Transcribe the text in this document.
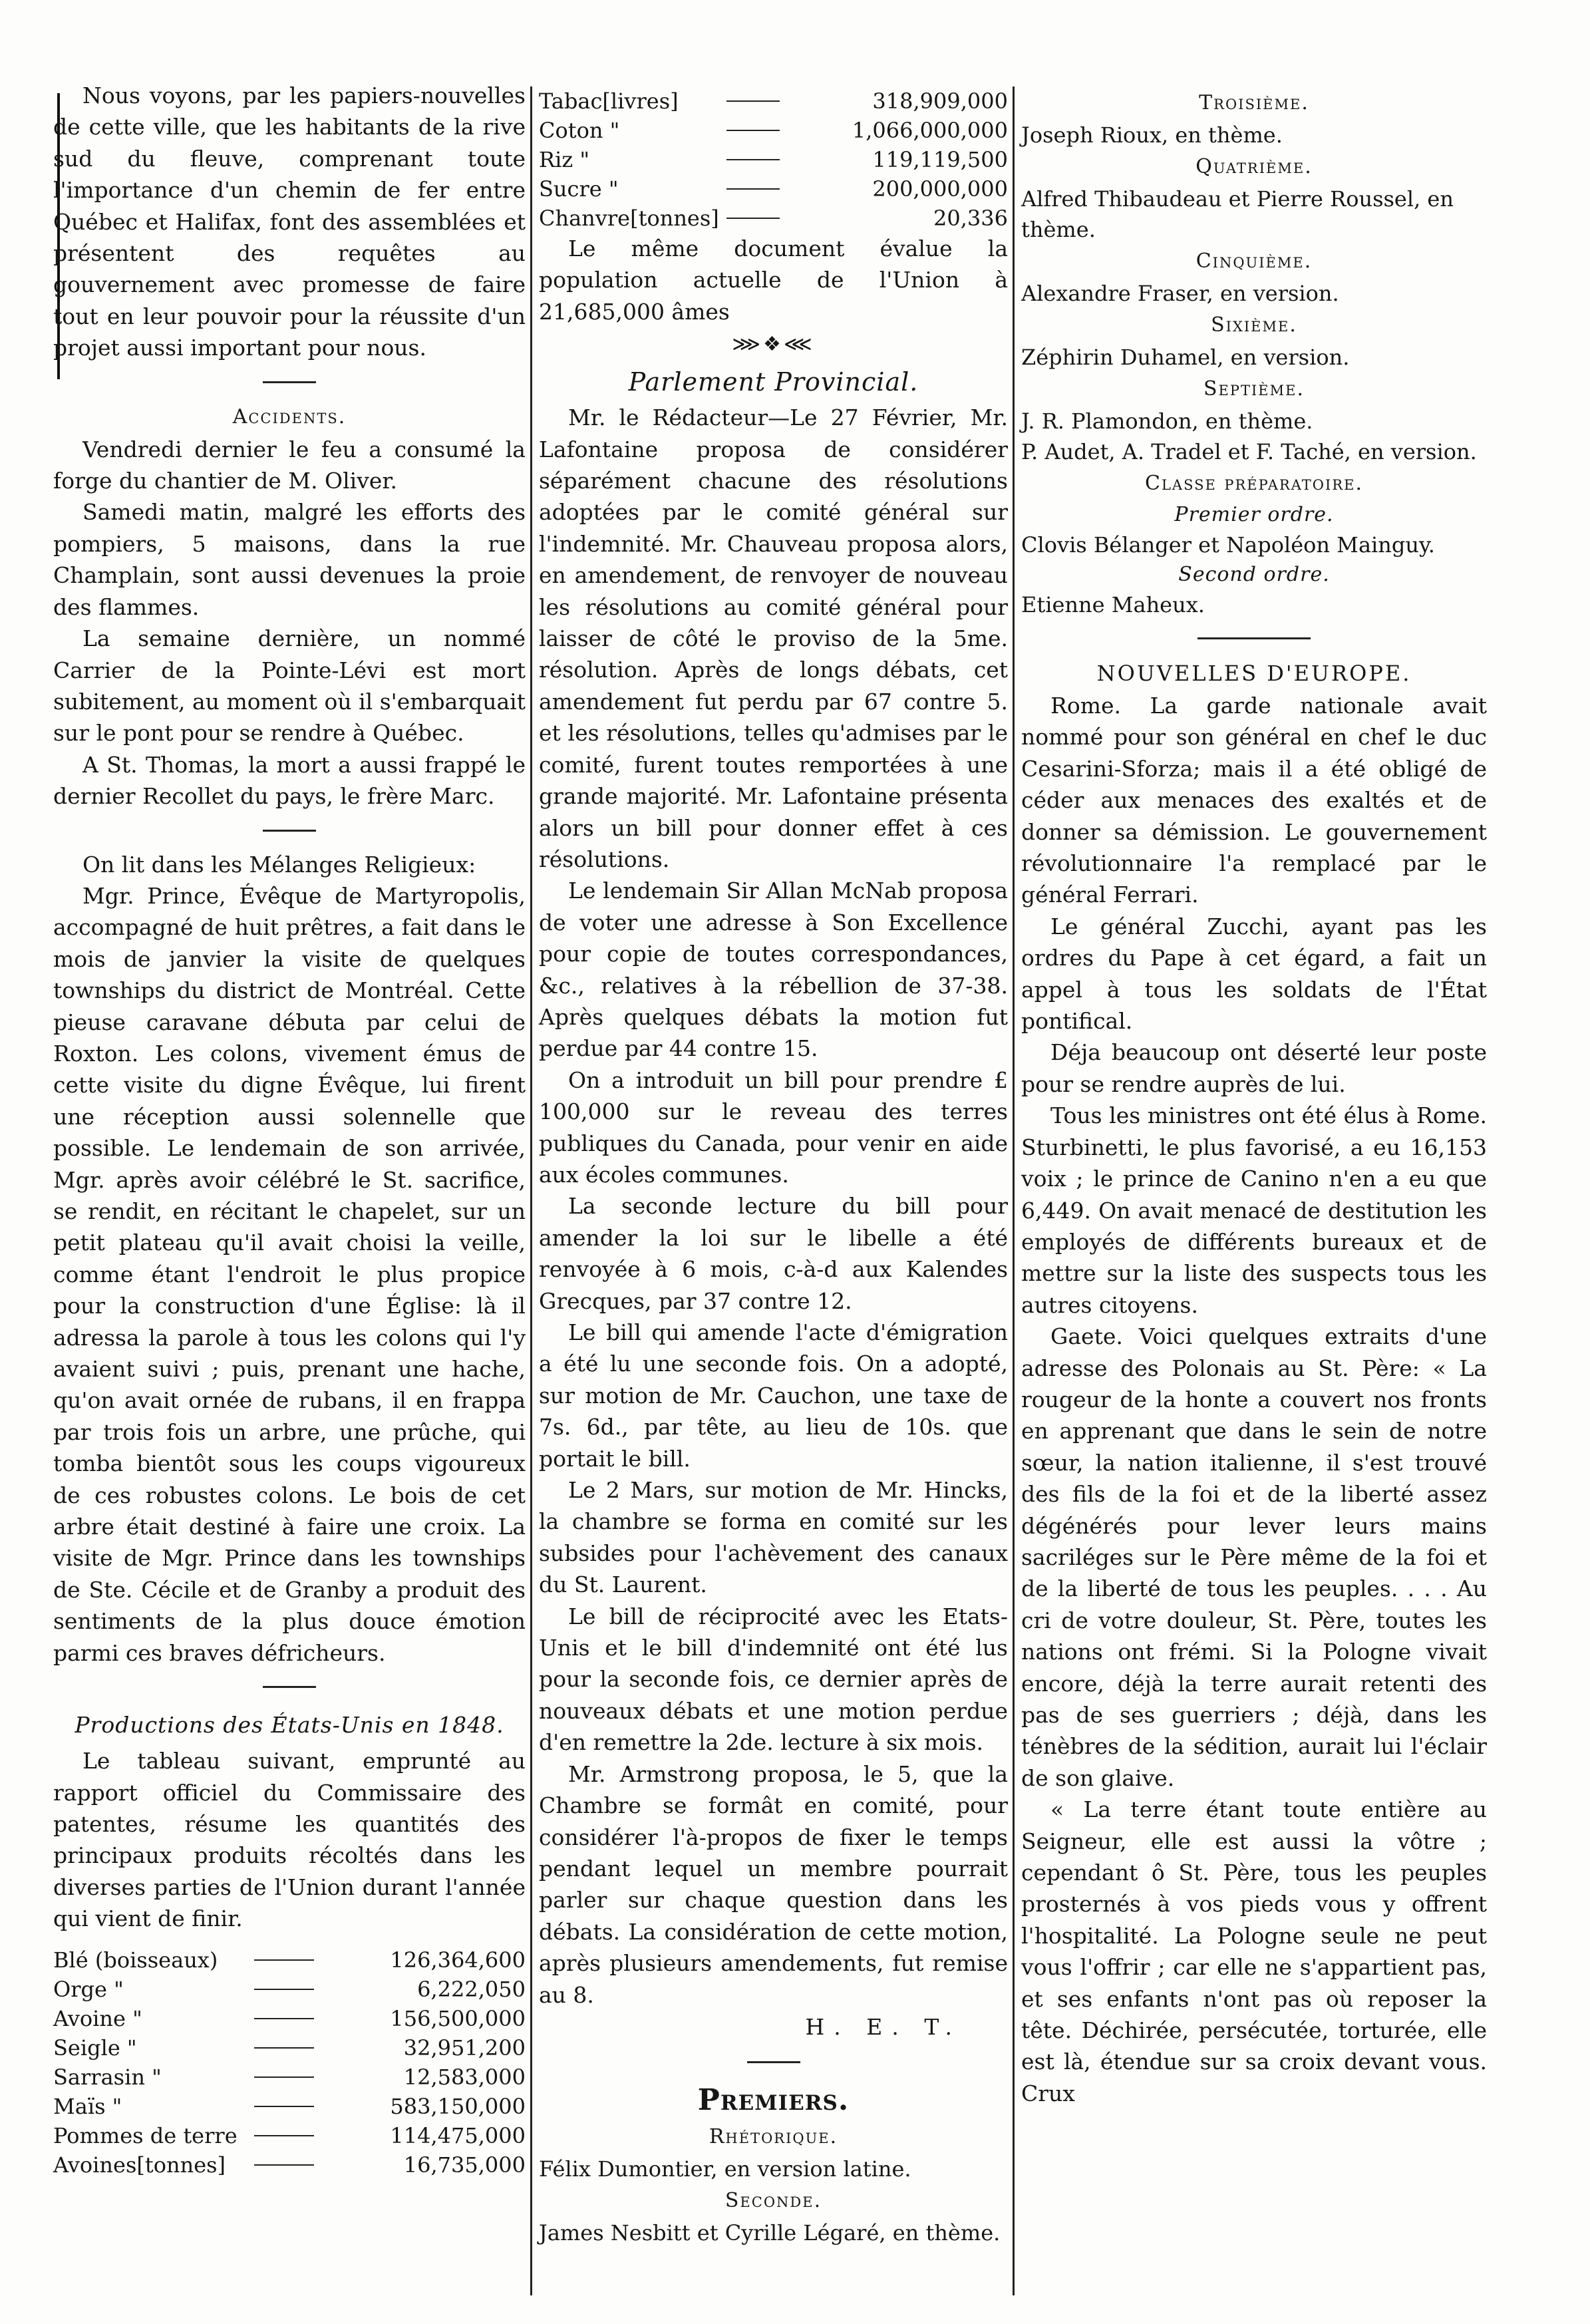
Nous voyons, par les papiers-nouvelles de cette ville, que les habitants de la rive sud du fleuve, comprenant toute l'importance d'un chemin de fer entre Québec et Halifax, font des assemblées et présentent des requêtes au gouvernement avec promesse de faire tout en leur pouvoir pour la réussite d'un projet aussi important pour nous.

Accidents.

Vendredi dernier le feu a consumé la forge du chantier de M. Oliver.

Samedi matin, malgré les efforts des pompiers, 5 maisons, dans la rue Champlain, sont aussi devenues la proie des flammes.

La semaine dernière, un nommé Carrier de la Pointe-Lévi est mort subitement, au moment où il s'embarquait sur le pont pour se rendre à Québec.

A St. Thomas, la mort a aussi frappé le dernier Recollet du pays, le frère Marc.

On lit dans les Mélanges Religieux:

Mgr. Prince, Évêque de Martyropolis, accompagné de huit prêtres, a fait dans le mois de janvier la visite de quelques townships du district de Montréal. Cette pieuse caravane débuta par celui de Roxton. Les colons, vivement émus de cette visite du digne Évêque, lui firent une réception aussi solennelle que possible. Le lendemain de son arrivée, Mgr. après avoir célébré le St. sacrifice, se rendit, en récitant le chapelet, sur un petit plateau qu'il avait choisi la veille, comme étant l'endroit le plus propice pour la construction d'une Église: là il adressa la parole à tous les colons qui l'y avaient suivi ; puis, prenant une hache, qu'on avait ornée de rubans, il en frappa par trois fois un arbre, une prûche, qui tomba bientôt sous les coups vigoureux de ces robustes colons. Le bois de cet arbre était destiné à faire une croix. La visite de Mgr. Prince dans les townships de Ste. Cécile et de Granby a produit des sentiments de la plus douce émotion parmi ces braves défricheurs.

Productions des États-Unis en 1848.

Le tableau suivant, emprunté au rapport officiel du Commissaire des patentes, résume les quantités des principaux produits récoltés dans les diverses parties de l'Union durant l'année qui vient de finir.

Blé (boisseaux)	126,364,600
Orge "	6,222,050
Avoine "	156,500,000
Seigle "	32,951,200
Sarrasin "	12,583,000
Maïs "	583,150,000
Pommes de terre	114,475,000
Avoines[tonnes]	16,735,000
Tabac[livres]	318,909,000
Coton "	1,066,000,000
Riz "	119,119,500
Sucre "	200,000,000
Chanvre[tonnes]	20,336

Le même document évalue la population actuelle de l'Union à 21,685,000 âmes

⋙❖⋘

Parlement Provincial.

Mr. le Rédacteur—Le 27 Février, Mr. Lafontaine proposa de considérer séparément chacune des résolutions adoptées par le comité général sur l'indemnité. Mr. Chauveau proposa alors, en amendement, de renvoyer de nouveau les résolutions au comité général pour laisser de côté le proviso de la 5me. résolution. Après de longs débats, cet amendement fut perdu par 67 contre 5. et les résolutions, telles qu'admises par le comité, furent toutes remportées à une grande majorité. Mr. Lafontaine présenta alors un bill pour donner effet à ces résolutions.

Le lendemain Sir Allan McNab proposa de voter une adresse à Son Excellence pour copie de toutes correspondances, &c., relatives à la rébellion de 37-38. Après quelques débats la motion fut perdue par 44 contre 15.

On a introduit un bill pour prendre £ 100,000 sur le reveau des terres publiques du Canada, pour venir en aide aux écoles communes.

La seconde lecture du bill pour amender la loi sur le libelle a été renvoyée à 6 mois, c-à-d aux Kalendes Grecques, par 37 contre 12.

Le bill qui amende l'acte d'émigration a été lu une seconde fois. On a adopté, sur motion de Mr. Cauchon, une taxe de 7s. 6d., par tête, au lieu de 10s. que portait le bill.

Le 2 Mars, sur motion de Mr. Hincks, la chambre se forma en comité sur les subsides pour l'achèvement des canaux du St. Laurent.

Le bill de réciprocité avec les Etats-Unis et le bill d'indemnité ont été lus pour la seconde fois, ce dernier après de nouveaux débats et une motion perdue d'en remettre la 2de. lecture à six mois.

Mr. Armstrong proposa, le 5, que la Chambre se formât en comité, pour considérer l'à-propos de fixer le temps pendant lequel un membre pourrait parler sur chaque question dans les débats. La considération de cette motion, après plusieurs amendements, fut remise au 8.

H. E. T.

Premiers.

Rhétorique.

Félix Dumontier, en version latine.

Seconde.

James Nesbitt et Cyrille Légaré, en thème.

Troisième.

Joseph Rioux, en thème.

Quatrième.

Alfred Thibaudeau et Pierre Roussel, en thème.

Cinquième.

Alexandre Fraser, en version.

Sixième.

Zéphirin Duhamel, en version.

Septième.

J. R. Plamondon, en thème.

P. Audet, A. Tradel et F. Taché, en version.

Classe préparatoire.

Premier ordre.

Clovis Bélanger et Napoléon Mainguy.

Second ordre.

Etienne Maheux.

NOUVELLES D'EUROPE.

Rome. La garde nationale avait nommé pour son général en chef le duc Cesarini-Sforza; mais il a été obligé de céder aux menaces des exaltés et de donner sa démission. Le gouvernement révolutionnaire l'a remplacé par le général Ferrari.

Le général Zucchi, ayant pas les ordres du Pape à cet égard, a fait un appel à tous les soldats de l'État pontifical.

Déja beaucoup ont déserté leur poste pour se rendre auprès de lui.

Tous les ministres ont été élus à Rome. Sturbinetti, le plus favorisé, a eu 16,153 voix ; le prince de Canino n'en a eu que 6,449. On avait menacé de destitution les employés de différents bureaux et de mettre sur la liste des suspects tous les autres citoyens.

Gaete. Voici quelques extraits d'une adresse des Polonais au St. Père: « La rougeur de la honte a couvert nos fronts en apprenant que dans le sein de notre sœur, la nation italienne, il s'est trouvé des fils de la foi et de la liberté assez dégénérés pour lever leurs mains sacriléges sur le Père même de la foi et de la liberté de tous les peuples. . . . Au cri de votre douleur, St. Père, toutes les nations ont frémi. Si la Pologne vivait encore, déjà la terre aurait retenti des pas de ses guerriers ; déjà, dans les ténèbres de la sédition, aurait lui l'éclair de son glaive.

« La terre étant toute entière au Seigneur, elle est aussi la vôtre ; cependant ô St. Père, tous les peuples prosternés à vos pieds vous y offrent l'hospitalité. La Pologne seule ne peut vous l'offrir ; car elle ne s'appartient pas, et ses enfants n'ont pas où reposer la tête. Déchirée, persécutée, torturée, elle est là, étendue sur sa croix devant vous. Crux
